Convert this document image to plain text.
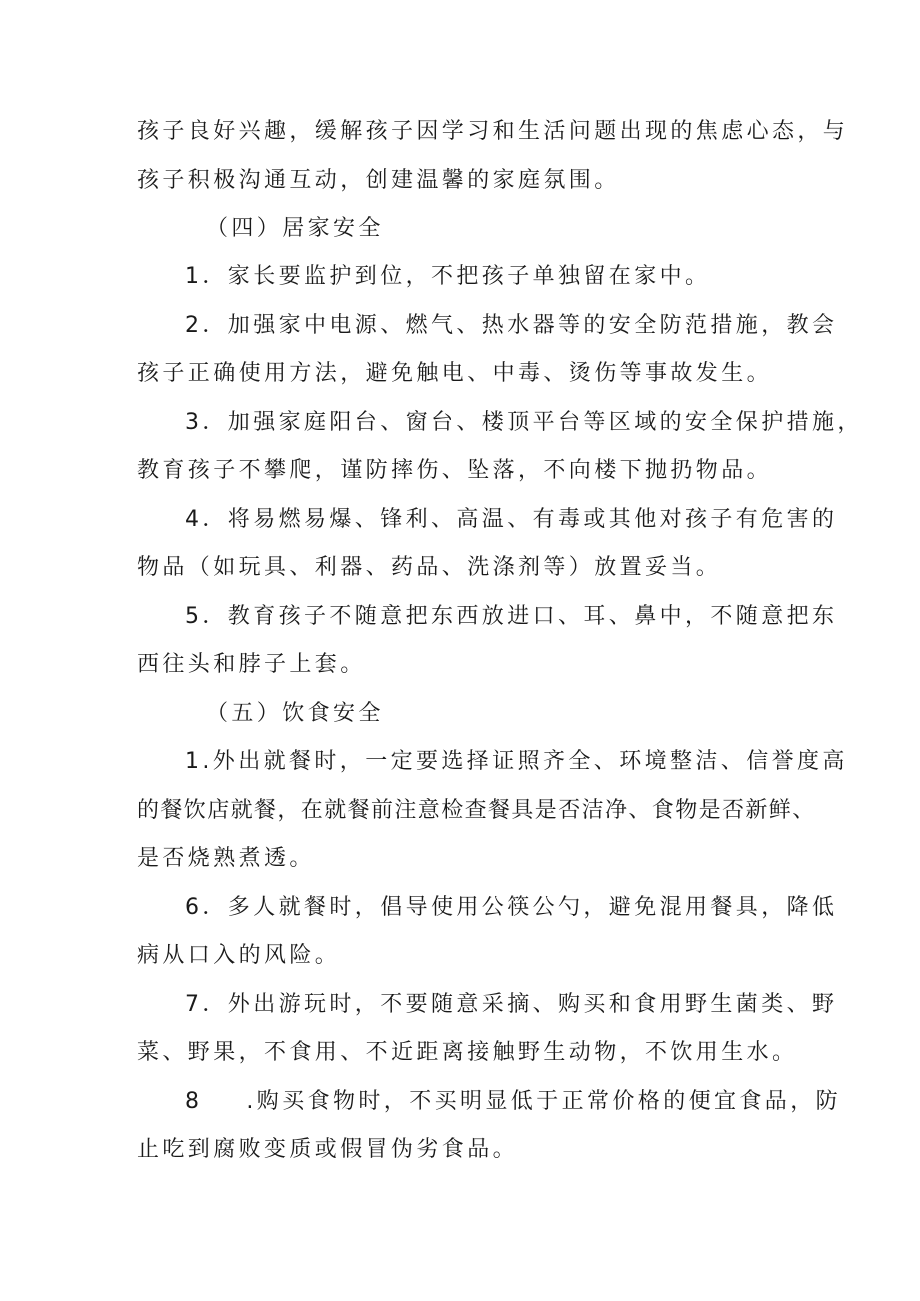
孩子良好兴趣，缓解孩子因学习和生活问题出现的焦虑心态，与
孩子积极沟通互动，创建温馨的家庭氛围。
（四）居家安全
1．家长要监护到位，不把孩子单独留在家中。
2．加强家中电源、燃气、热水器等的安全防范措施，教会
孩子正确使用方法，避免触电、中毒、烫伤等事故发生。
3．加强家庭阳台、窗台、楼顶平台等区域的安全保护措施，
教育孩子不攀爬，谨防摔伤、坠落，不向楼下抛扔物品。
4．将易燃易爆、锋利、高温、有毒或其他对孩子有危害的
物品（如玩具、利器、药品、洗涤剂等）放置妥当。
5．教育孩子不随意把东西放进口、耳、鼻中，不随意把东
西往头和脖子上套。
（五）饮食安全
1.外出就餐时，一定要选择证照齐全、环境整洁、信誉度高
的餐饮店就餐，在就餐前注意检查餐具是否洁净、食物是否新鲜、
是否烧熟煮透。
6．多人就餐时，倡导使用公筷公勺，避免混用餐具，降低
病从口入的风险。
7．外出游玩时，不要随意采摘、购买和食用野生菌类、野
菜、野果，不食用、不近距离接触野生动物，不饮用生水。
8 .购买食物时，不买明显低于正常价格的便宜食品，防
止吃到腐败变质或假冒伪劣食品。
